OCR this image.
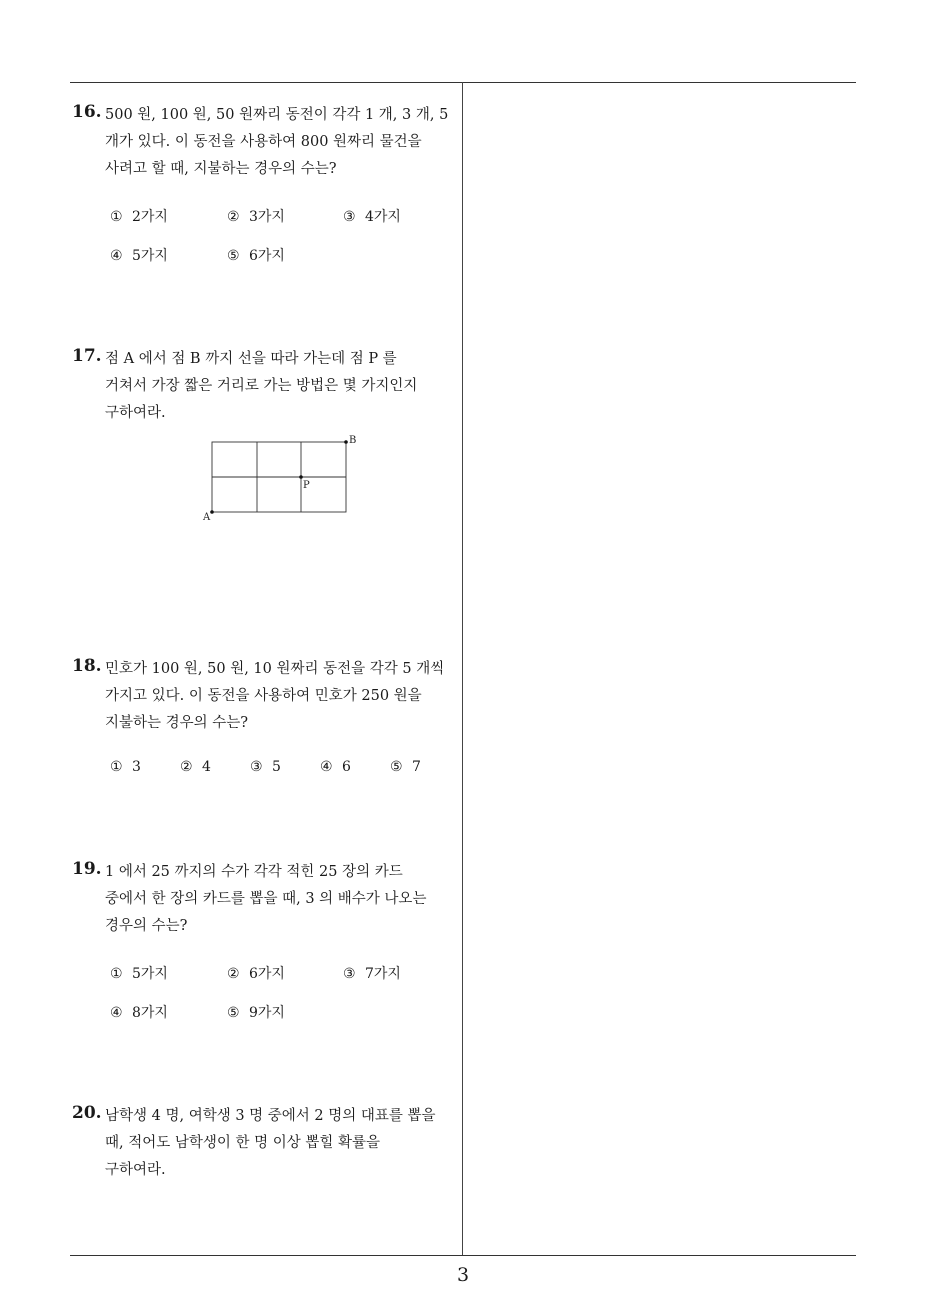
16. 500 원, 100 원, 50 원짜리 동전이 각각 1 개, 3 개, 5
개가 있다. 이 동전을 사용하여 800 원짜리 물건을
사려고 할 때, 지불하는 경우의 수는?
① 2가지	② 3가지	③ 4가지
④ 5가지	⑤ 6가지
17. 점 A 에서 점 B 까지 선을 따라 가는데 점 P 를
거쳐서 가장 짧은 거리로 가는 방법은 몇 가지인지
구하여라.
A
B
P
18. 민호가 100 원, 50 원, 10 원짜리 동전을 각각 5 개씩
가지고 있다. 이 동전을 사용하여 민호가 250 원을
지불하는 경우의 수는?
① 3	② 4	③ 5	④ 6	⑤ 7
19. 1 에서 25 까지의 수가 각각 적힌 25 장의 카드
중에서 한 장의 카드를 뽑을 때, 3 의 배수가 나오는
경우의 수는?
① 5가지	② 6가지	③ 7가지
④ 8가지	⑤ 9가지
20. 남학생 4 명, 여학생 3 명 중에서 2 명의 대표를 뽑을
때, 적어도 남학생이 한 명 이상 뽑힐 확률을
구하여라.
3
